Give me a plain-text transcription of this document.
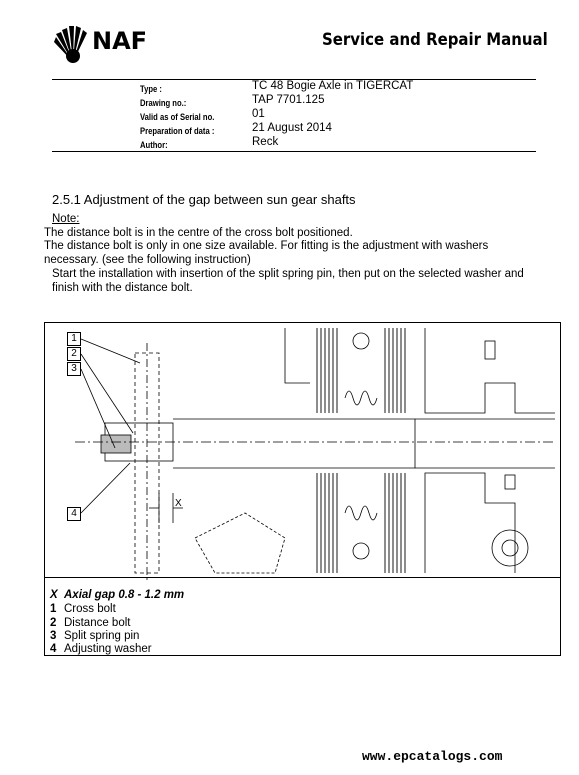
NAF	Service and Repair Manual
Type :	TC 48 Bogie Axle in TIGERCAT
Drawing no.:	TAP 7701.125
Valid as of Serial no.	01
Preparation of data :	21 August 2014
Author:	Reck
2.5.1 Adjustment of the gap between sun gear shafts
Note:
The distance bolt is in the centre of the cross bolt positioned.
The distance bolt is only in one size available. For fitting is the adjustment with washers
necessary. (see the following instruction)
Start the installation with insertion of the split spring pin, then put on the selected washer and
finish with the distance bolt.
1
2
3
4
X
X Axial gap 0.8 - 1.2 mm
1 Cross bolt
2 Distance bolt
3 Split spring pin
4 Adjusting washer
www.epcatalogs.com
